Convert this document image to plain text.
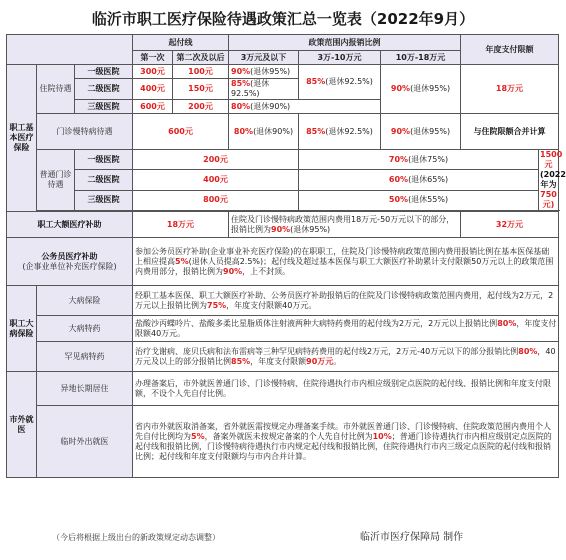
临沂市职工医疗保险待遇政策汇总一览表（2022年9月）
			起付线		政策范围内报销比例			年度支付限额	
			第一次	第二次及以后	3万元及以下	3万-10万元	10万-18万元		
职工基本医疗保险	住院待遇	一级医院	300元	100元	90%(退休95%)	85%(退休92.5%)	90%(退休95%)	18万元	
		二级医院	400元	150元	85%(退休92.5%)				
		三级医院	600元	200元	80%(退休90%)				
	门诊慢特病待遇		600元		80%(退休90%)	85%(退休92.5%)	90%(退休95%)	与住院限额合并计算	
	普通门诊待遇	一级医院	200元			70%(退休75%)			1500元
(2022年为
750元)
		二级医院	400元			60%(退休65%)			
		三级医院	800元			50%(退休55%)			

职工大额医疗补助			18万元		住院及门诊慢特病政策范围内费用18万元-50万元以下的部分，报销比例为90%(退休95%)			32万元	
公务员医疗补助
(企事业单位补充医疗保险)			参加公务员医疗补助(企业事业补充医疗保险)的在职职工，住院及门诊慢特病政策范围内费用报销比例在基本医保基础上相应提高5%(退休人员提高2.5%)；起付线及超过基本医保与职工大额医疗补助累计支付限额50万元以上的政策范围内费用部分，报销比例为90%，上不封顶。						
职工大病保险	大病保险		经职工基本医保、职工大额医疗补助、公务员医疗补助报销后的住院及门诊慢特病政策范围内费用，起付线为2万元，2万元以上报销比例为75%，年度支付限额40万元。						
	大病特药		盐酸沙丙蝶呤片、盐酸多柔比星脂质体注射液两种大病特药费用的起付线为2万元，2万元以上报销比例80%，年度支付限额40万元。						
	罕见病特药		治疗戈谢病、庞贝氏病和法布雷病等三种罕见病特药费用的起付线2万元，2万元-40万元以下的部分报销比例80%，40万元及以上的部分报销比例85%，年度支付限额90万元。						
市外就医	异地长期居住		办理备案后，市外就医普通门诊、门诊慢特病、住院待遇执行市内相应级别定点医院的起付线、报销比例和年度支付限额，不设个人先自付比例。						
	临时外出就医		省内市外就医取消备案，省外就医需按规定办理备案手续。市外就医普通门诊、门诊慢特病、住院政策范围内费用个人先自付比例均为5%，备案外就医未按规定备案的个人先自付比例为10%；普通门诊待遇执行市内相应级别定点医院的起付线和报销比例，门诊慢特病待遇执行市内规定起付线和报销比例，住院待遇执行市内三级定点医院的起付线和报销比例；起付线和年度支付限额均与市内合并计算。						
（今后将根据上级出台的新政策规定动态调整）	临沂市医疗保障局 制作
